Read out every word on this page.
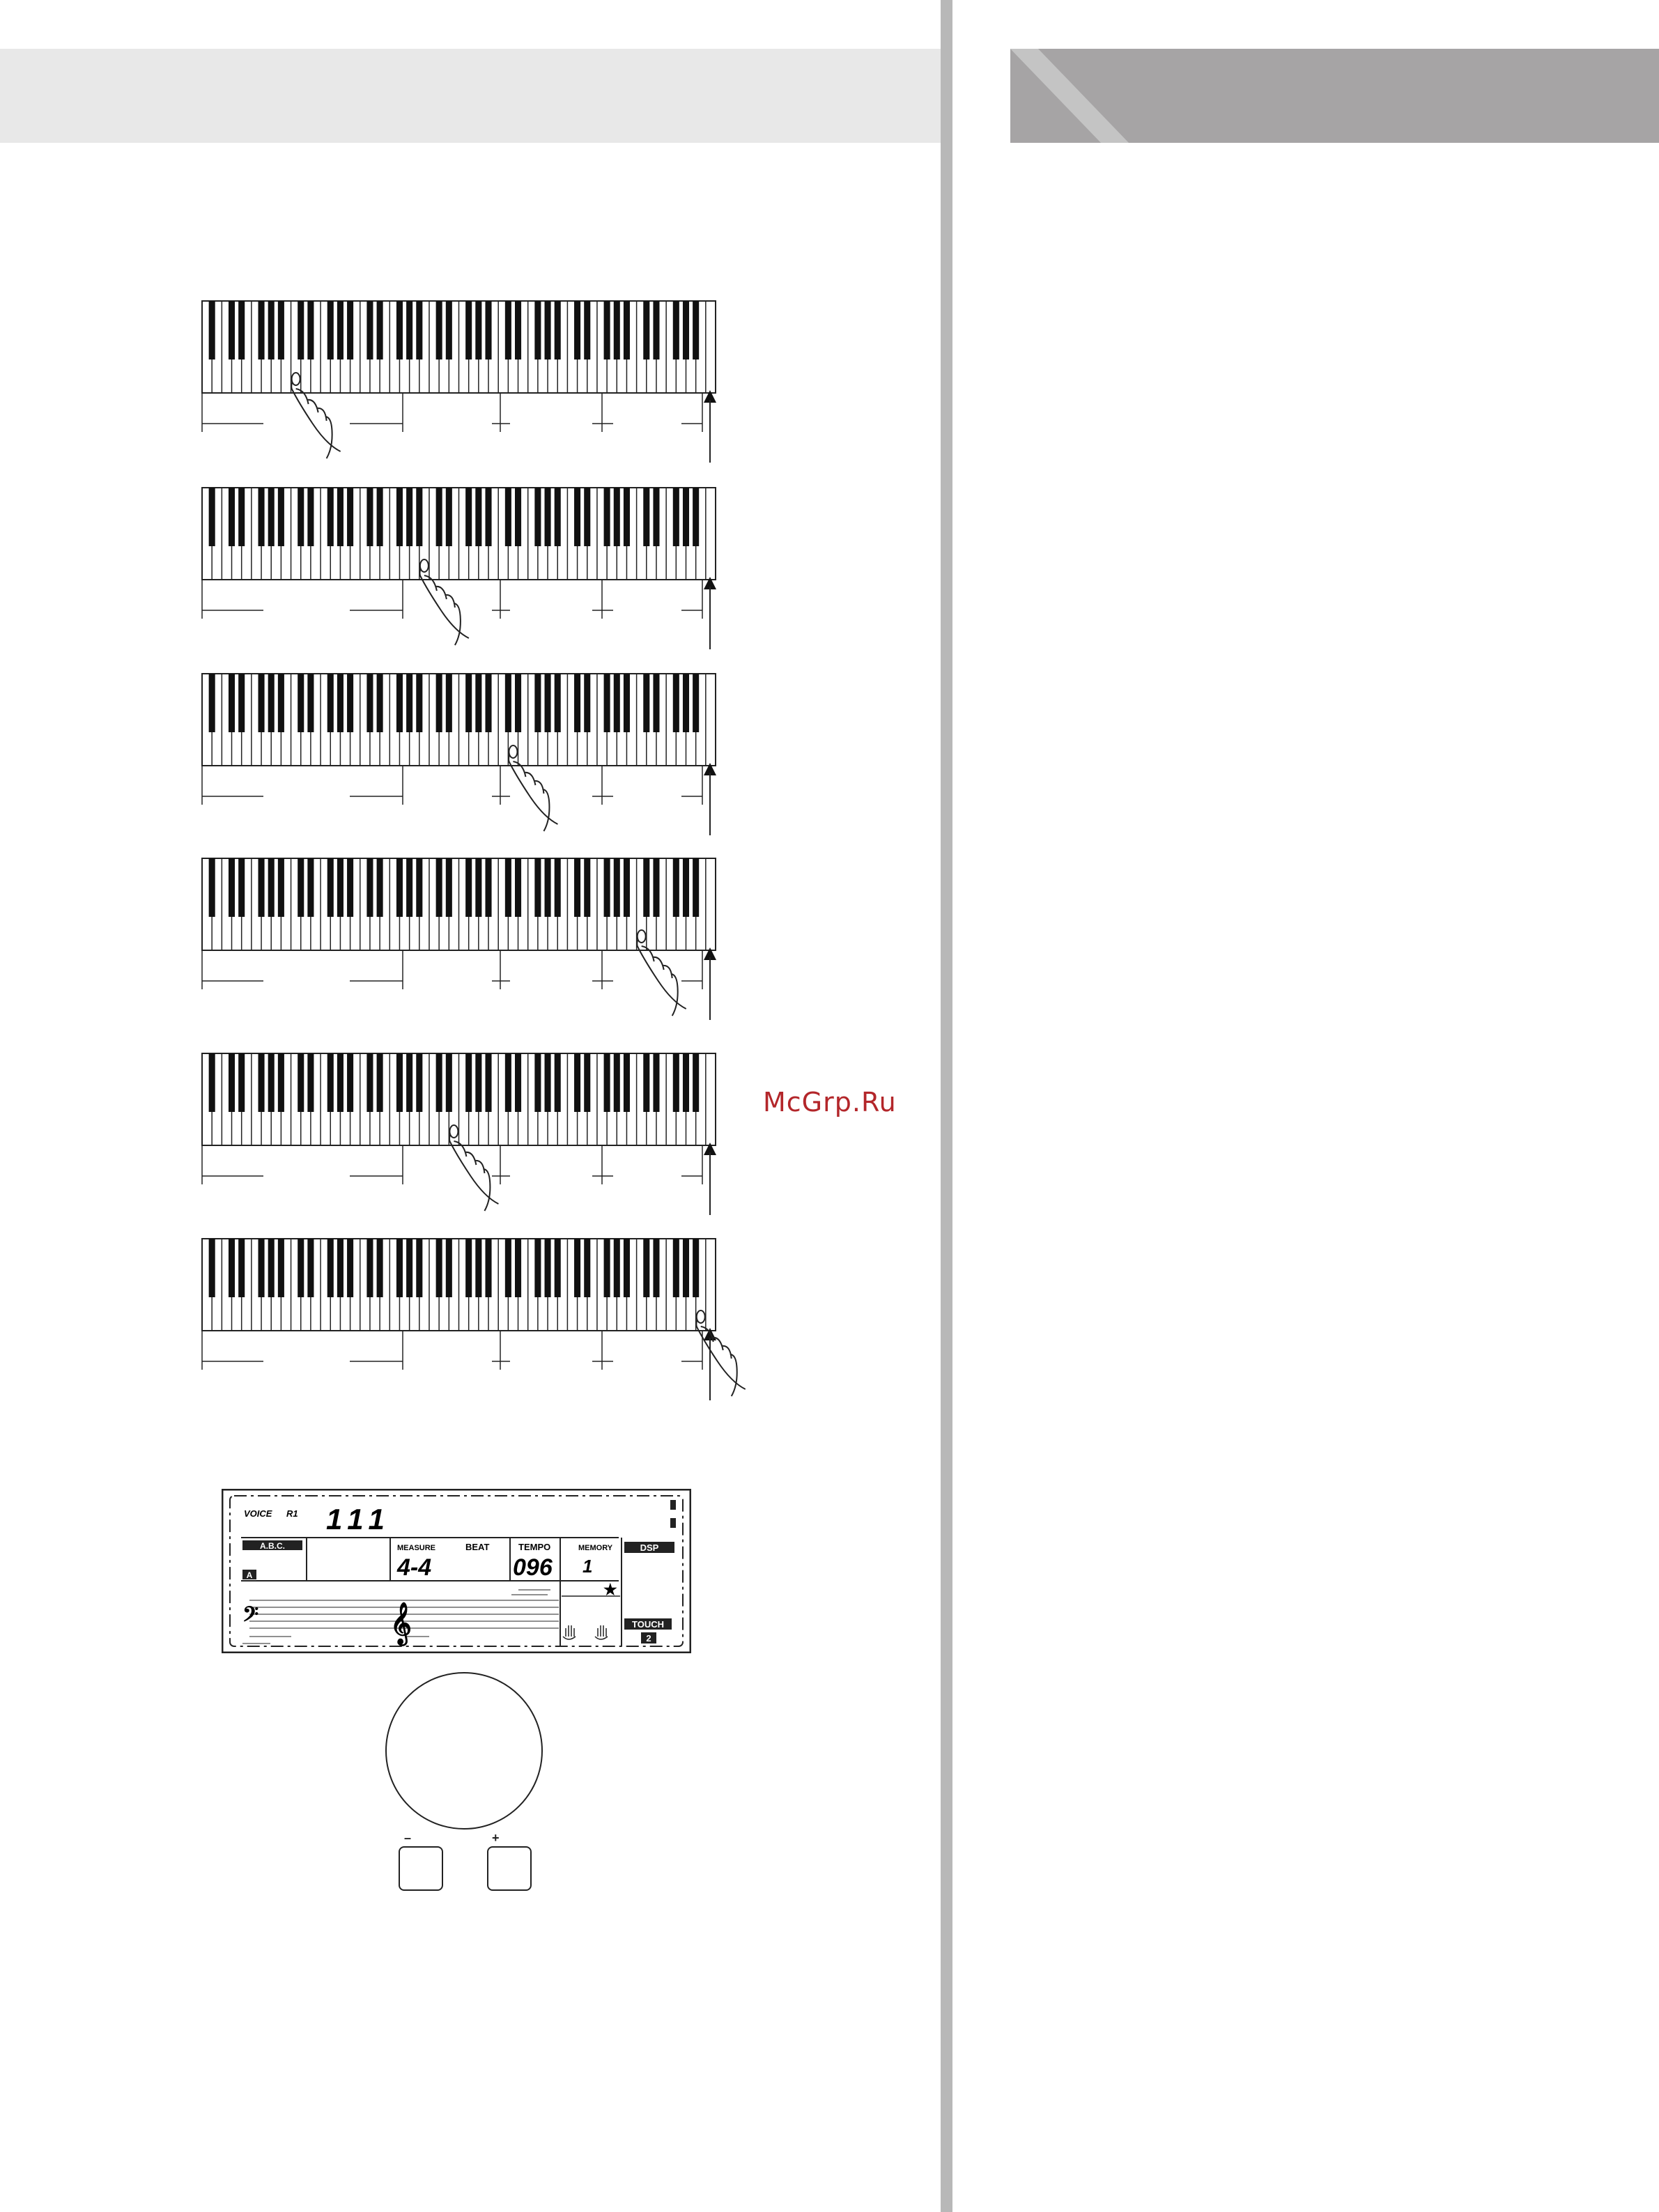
McGrp.Ru
VOICE R1 111
A.B.C.
A
MEASURE	BEAT
4-4
TEMPO
096
MEMORY
1
DSP
TOUCH
2
★
𝄢	𝄞
–	+
